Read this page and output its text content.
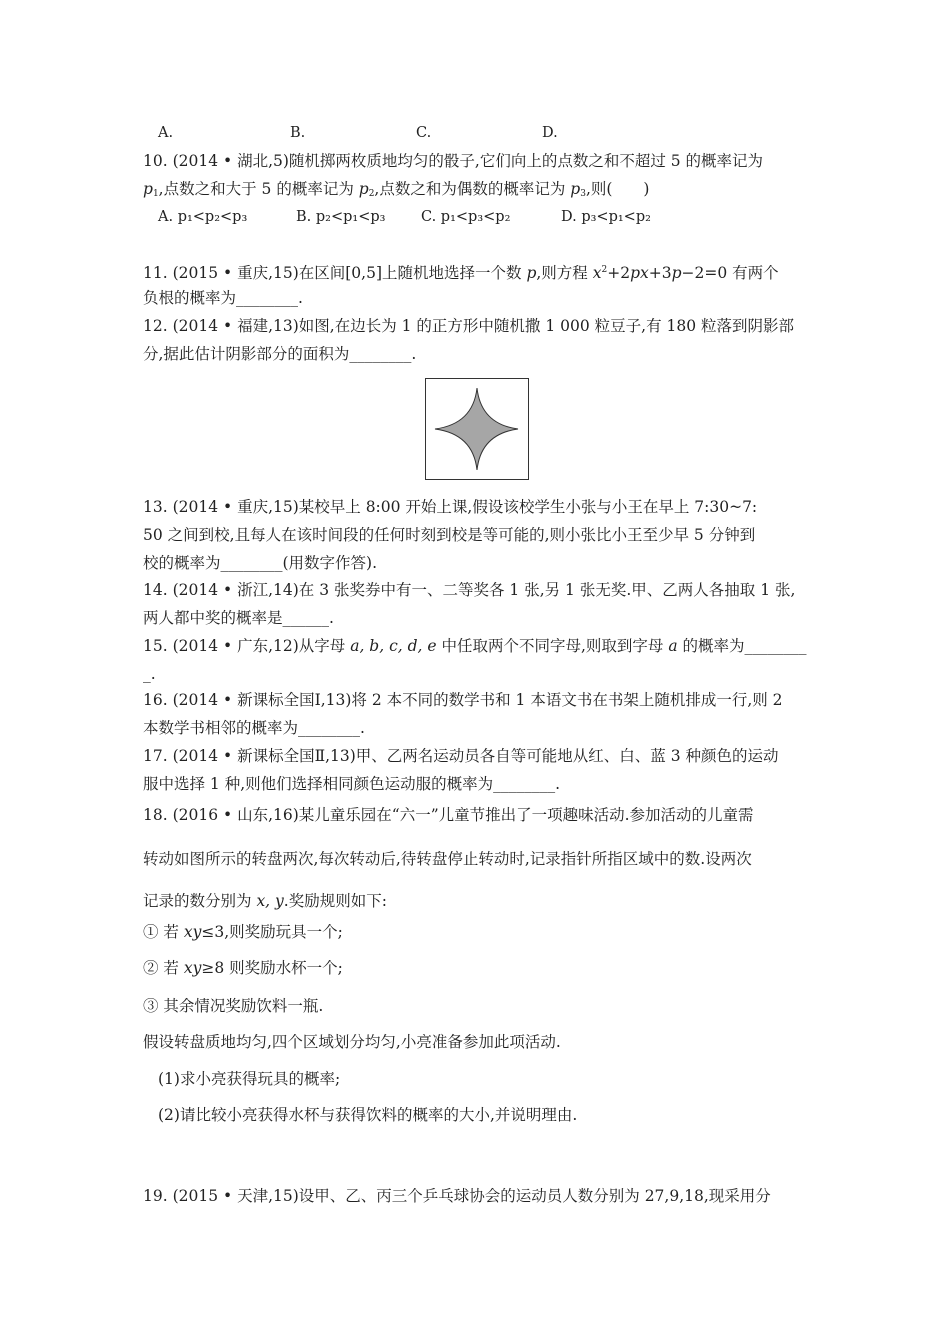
A.	B.	C.	D.
10. (2014 • 湖北,5)随机掷两枚质地均匀的骰子,它们向上的点数之和不超过 5 的概率记为
$p_1$,点数之和大于 5 的概率记为 $p_2$,点数之和为偶数的概率记为 $p_3$,则(　　)
A. p₁<p₂<p₃	B. p₂<p₁<p₃ C. p₁<p₃<p₂	D. p₃<p₁<p₂
11. (2015 • 重庆,15)在区间[0,5]上随机地选择一个数 p,则方程 $x^2+2px+3p-2=0$ 有两个
负根的概率为________.
12. (2014 • 福建,13)如图,在边长为 1 的正方形中随机撒 1 000 粒豆子,有 180 粒落到阴影部
分,据此估计阴影部分的面积为________.
13. (2014 • 重庆,15)某校早上 8:00 开始上课,假设该校学生小张与小王在早上 7:30~7:
50 之间到校,且每人在该时间段的任何时刻到校是等可能的,则小张比小王至少早 5 分钟到
校的概率为________(用数字作答).
14. (2014 • 浙江,14)在 3 张奖券中有一、二等奖各 1 张,另 1 张无奖.甲、乙两人各抽取 1 张,
两人都中奖的概率是______.
15. (2014 • 广东,12)从字母 a, b, c, d, e 中任取两个不同字母,则取到字母 a 的概率为________
_.
16. (2014 • 新课标全国Ⅰ,13)将 2 本不同的数学书和 1 本语文书在书架上随机排成一行,则 2
本数学书相邻的概率为________.
17. (2014 • 新课标全国Ⅱ,13)甲、乙两名运动员各自等可能地从红、白、蓝 3 种颜色的运动
服中选择 1 种,则他们选择相同颜色运动服的概率为________.
18. (2016 • 山东,16)某儿童乐园在“六一”儿童节推出了一项趣味活动.参加活动的儿童需
转动如图所示的转盘两次,每次转动后,待转盘停止转动时,记录指针所指区域中的数.设两次
记录的数分别为 x, y.奖励规则如下:
① 若 xy≤3,则奖励玩具一个;
② 若 xy≥8 则奖励水杯一个;
③ 其余情况奖励饮料一瓶.
假设转盘质地均匀,四个区域划分均匀,小亮准备参加此项活动.
(1)求小亮获得玩具的概率;
(2)请比较小亮获得水杯与获得饮料的概率的大小,并说明理由.
19. (2015 • 天津,15)设甲、乙、丙三个乒乓球协会的运动员人数分别为 27,9,18,现采用分
